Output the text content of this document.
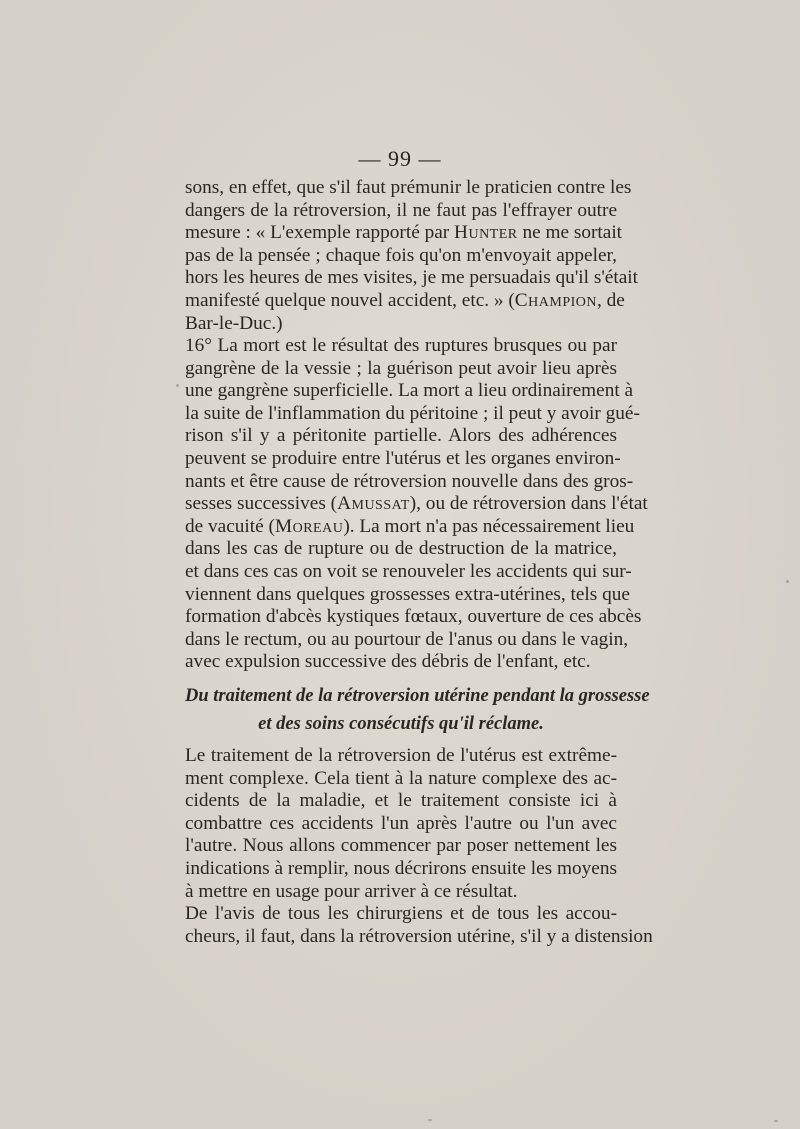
— 99 —

sons, en effet, que s'il faut prémunir le praticien contre les
dangers de la rétroversion, il ne faut pas l'effrayer outre
mesure : « L'exemple rapporté par Hunter ne me sortait
pas de la pensée ; chaque fois qu'on m'envoyait appeler,
hors les heures de mes visites, je me persuadais qu'il s'était
manifesté quelque nouvel accident, etc. » (Champion, de
Bar-le-Duc.)

16° La mort est le résultat des ruptures brusques ou par
gangrène de la vessie ; la guérison peut avoir lieu après
une gangrène superficielle. La mort a lieu ordinairement à
la suite de l'inflammation du péritoine ; il peut y avoir gué-
rison s'il y a péritonite partielle. Alors des adhérences
peuvent se produire entre l'utérus et les organes environ-
nants et être cause de rétroversion nouvelle dans des gros-
sesses successives (Amussat), ou de rétroversion dans l'état
de vacuité (Moreau). La mort n'a pas nécessairement lieu
dans les cas de rupture ou de destruction de la matrice,
et dans ces cas on voit se renouveler les accidents qui sur-
viennent dans quelques grossesses extra-utérines, tels que
formation d'abcès kystiques fœtaux, ouverture de ces abcès
dans le rectum, ou au pourtour de l'anus ou dans le vagin,
avec expulsion successive des débris de l'enfant, etc.

Du traitement de la rétroversion utérine pendant la grossesse
et des soins consécutifs qu'il réclame.

Le traitement de la rétroversion de l'utérus est extrême-
ment complexe. Cela tient à la nature complexe des ac-
cidents de la maladie, et le traitement consiste ici à
combattre ces accidents l'un après l'autre ou l'un avec
l'autre. Nous allons commencer par poser nettement les
indications à remplir, nous décrirons ensuite les moyens
à mettre en usage pour arriver à ce résultat.

De l'avis de tous les chirurgiens et de tous les accou-
cheurs, il faut, dans la rétroversion utérine, s'il y a distension
